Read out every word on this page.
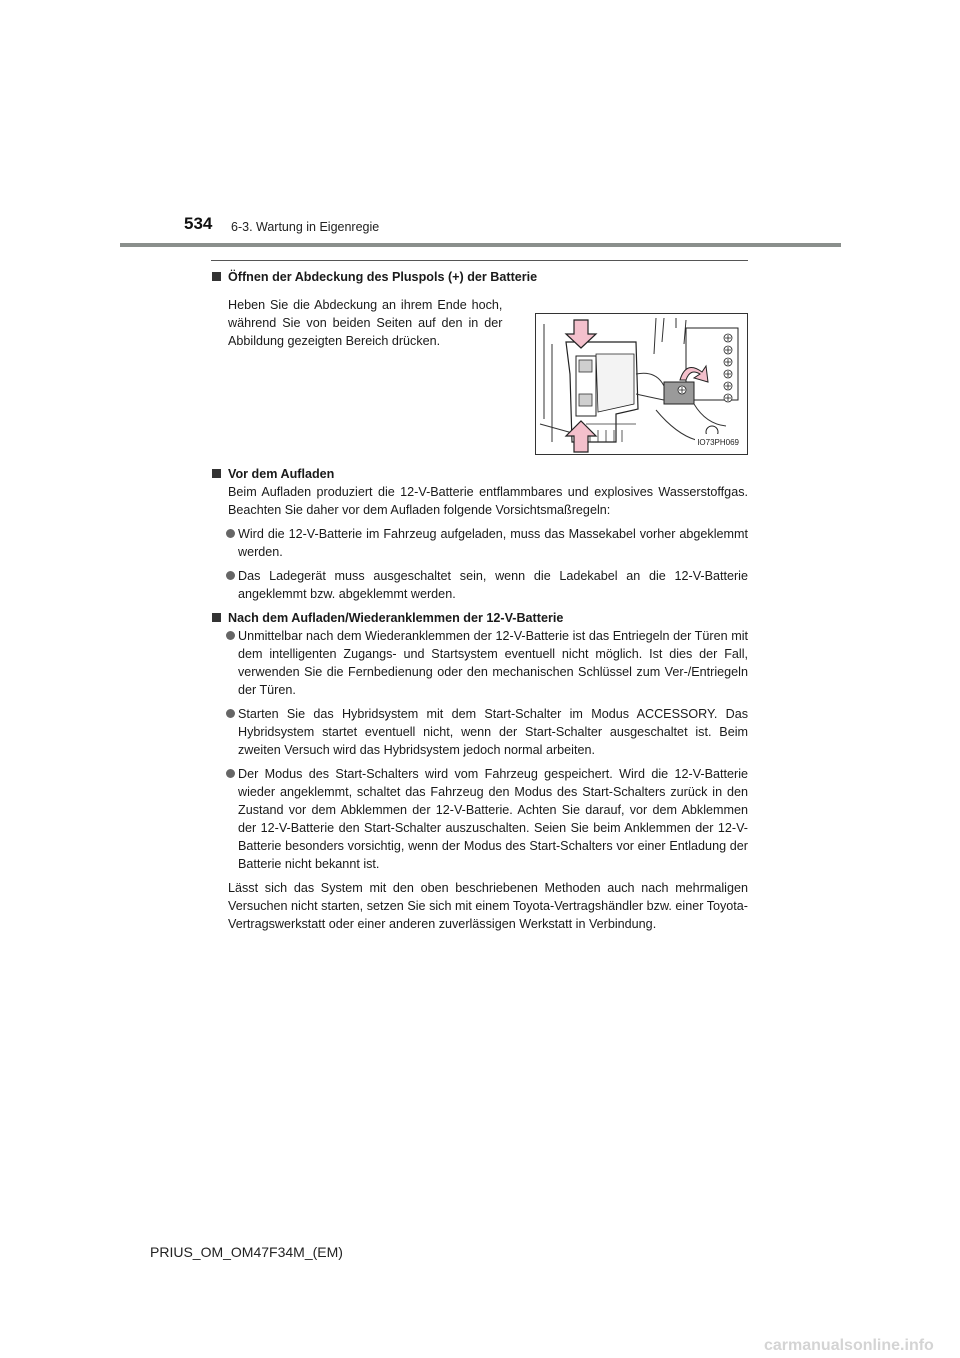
534 6-3. Wartung in Eigenregie

Öffnen der Abdeckung des Pluspols (+) der Batterie

Heben Sie die Abdeckung an ihrem Ende hoch, während Sie von beiden Seiten auf den in der Abbildung gezeigten Bereich drücken.
IO73PH069

Vor dem Aufladen

Beim Aufladen produziert die 12-V-Batterie entflammbares und explosives Wasserstoffgas. Beachten Sie daher vor dem Aufladen folgende Vorsichtsmaßregeln:

Wird die 12-V-Batterie im Fahrzeug aufgeladen, muss das Massekabel vorher abgeklemmt werden.

Das Ladegerät muss ausgeschaltet sein, wenn die Ladekabel an die 12-V-Batterie angeklemmt bzw. abgeklemmt werden.

Nach dem Aufladen/Wiederanklemmen der 12-V-Batterie

Unmittelbar nach dem Wiederanklemmen der 12-V-Batterie ist das Entriegeln der Türen mit dem intelligenten Zugangs- und Startsystem eventuell nicht möglich. Ist dies der Fall, verwenden Sie die Fernbedienung oder den mechanischen Schlüssel zum Ver-/Entriegeln der Türen.

Starten Sie das Hybridsystem mit dem Start-Schalter im Modus ACCESSORY. Das Hybridsystem startet eventuell nicht, wenn der Start-Schalter ausgeschaltet ist. Beim zweiten Versuch wird das Hybridsystem jedoch normal arbeiten.

Der Modus des Start-Schalters wird vom Fahrzeug gespeichert. Wird die 12-V-Batterie wieder angeklemmt, schaltet das Fahrzeug den Modus des Start-Schalters zurück in den Zustand vor dem Abklemmen der 12-V-Batterie. Achten Sie darauf, vor dem Abklemmen der 12-V-Batterie den Start-Schalter auszuschalten. Seien Sie beim Anklemmen der 12-V-Batterie besonders vorsichtig, wenn der Modus des Start-Schalters vor einer Entladung der Batterie nicht bekannt ist.

Lässt sich das System mit den oben beschriebenen Methoden auch nach mehrmaligen Versuchen nicht starten, setzen Sie sich mit einem Toyota-Vertragshändler bzw. einer Toyota-Vertragswerkstatt oder einer anderen zuverlässigen Werkstatt in Verbindung.

PRIUS_OM_OM47F34M_(EM)
carmanualsonline.info
